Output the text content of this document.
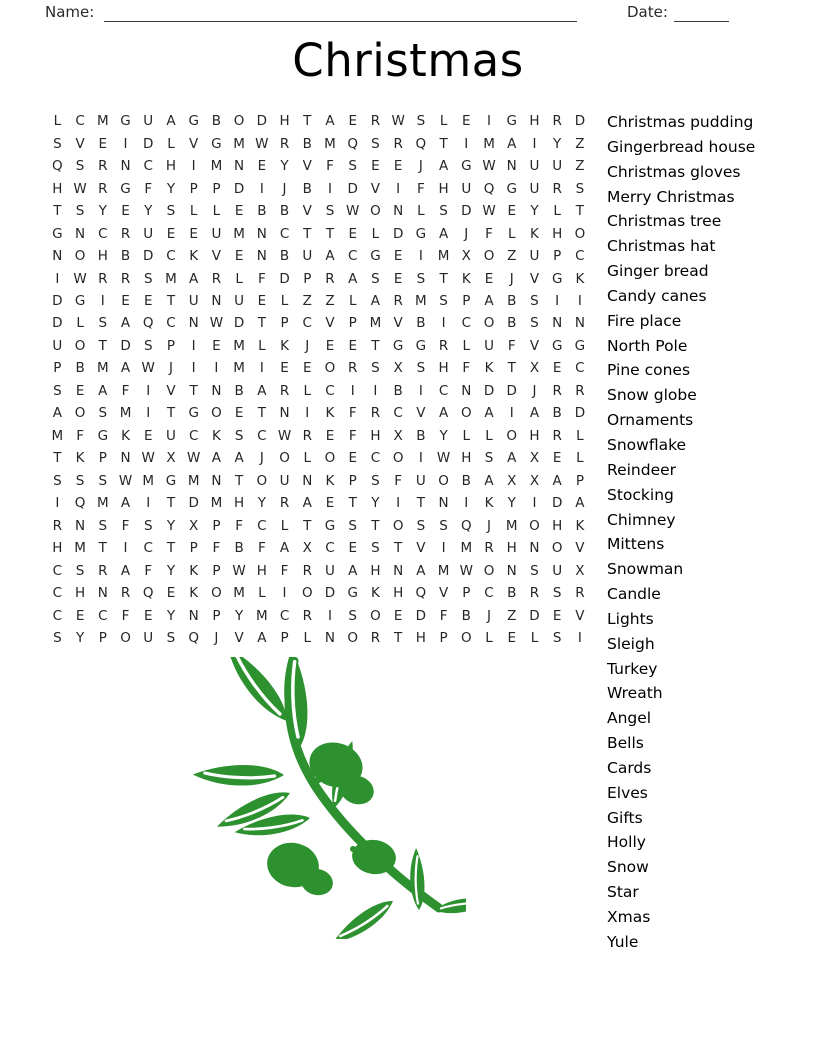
Name:	Date:
Christmas
L	C M G U A G B O D H	T	A	E	R W S	L	E	I	G H R D
S	V	E	I	D	L	V G M W R B M Q S	R Q T	I	M A	I	Y	Z
Q S	R N C H	I	M N E	Y	V	F	S	E	E	J	A G W N U U Z
H W R G	F	Y	P	P D	I	J	B	I	D V	I	F	H U Q G U R	S
T	S	Y	E	Y	S	L	L	E	B B V	S W O N	L	S D W E	Y	L	T
G N C R U	E	E	U M N C	T	T	E	L	D G A	J	F	L	K H O
N O H B D C	K	V	E N B U A C G E	I	M X O Z U	P	C
I	W R R	S M A R	L	F	D P	R A	S	E	S	T	K	E	J	V G K
D G	I	E	E	T	U N U	E	L	Z Z	L	A R M S	P	A B	S	I	I
D	L	S	A Q C N W D T	P	C V	P M V B	I	C O B	S N N
U O T D S	P	I	E M L	K	J	E	E	T G G R	L	U	F	V G G
P	B M A W	J	I	I	M	I	E	E O R	S	X	S H	F	K	T	X	E	C
S	E	A	F	I	V	T	N B A R	L	C	I	I	B	I	C N D D	J	R R
A O S M	I	T G O E	T	N	I	K	F	R C V A O A	I	A B D
M F	G K	E	U C	K	S	C W R	E	F	H X B	Y	L	L	O H R	L
T	K	P	N W X W A A	J	O	L	O E	C O	I	W H S	A X	E	L
S	S	S W M G M N	T O U N K	P	S	F	U O B A X X A	P
I	Q M A	I	T D M H	Y	R A	E	T	Y	I	T	N	I	K	Y	I	D A
R N S	F	S	Y	X	P	F	C	L	T G S	T O S	S Q	J	M O H K
H M T	I	C	T	P	F	B	F	A X C	E	S	T	V	I	M R H N O V
C	S	R A	F	Y	K	P W H	F	R U A H N A M W O N S U X
C H N R Q E	K O M L	I	O D G K H Q V	P	C B R	S	R
C	E	C	F	E	Y	N	P	Y M C R	I	S O E D	F	B	J	Z D E	V
S	Y	P O U S Q	J	V A	P	L	N O R	T	H	P O	L	E	L	S	I
Christmas pudding
Gingerbread house
Christmas gloves
Merry Christmas
Christmas tree
Christmas hat
Ginger bread
Candy canes
Fire place
North Pole
Pine cones
Snow globe
Ornaments
Snowflake
Reindeer
Stocking
Chimney
Mittens
Snowman
Candle
Lights
Sleigh
Turkey
Wreath
Angel
Bells
Cards
Elves
Gifts
Holly
Snow
Star
Xmas
Yule
